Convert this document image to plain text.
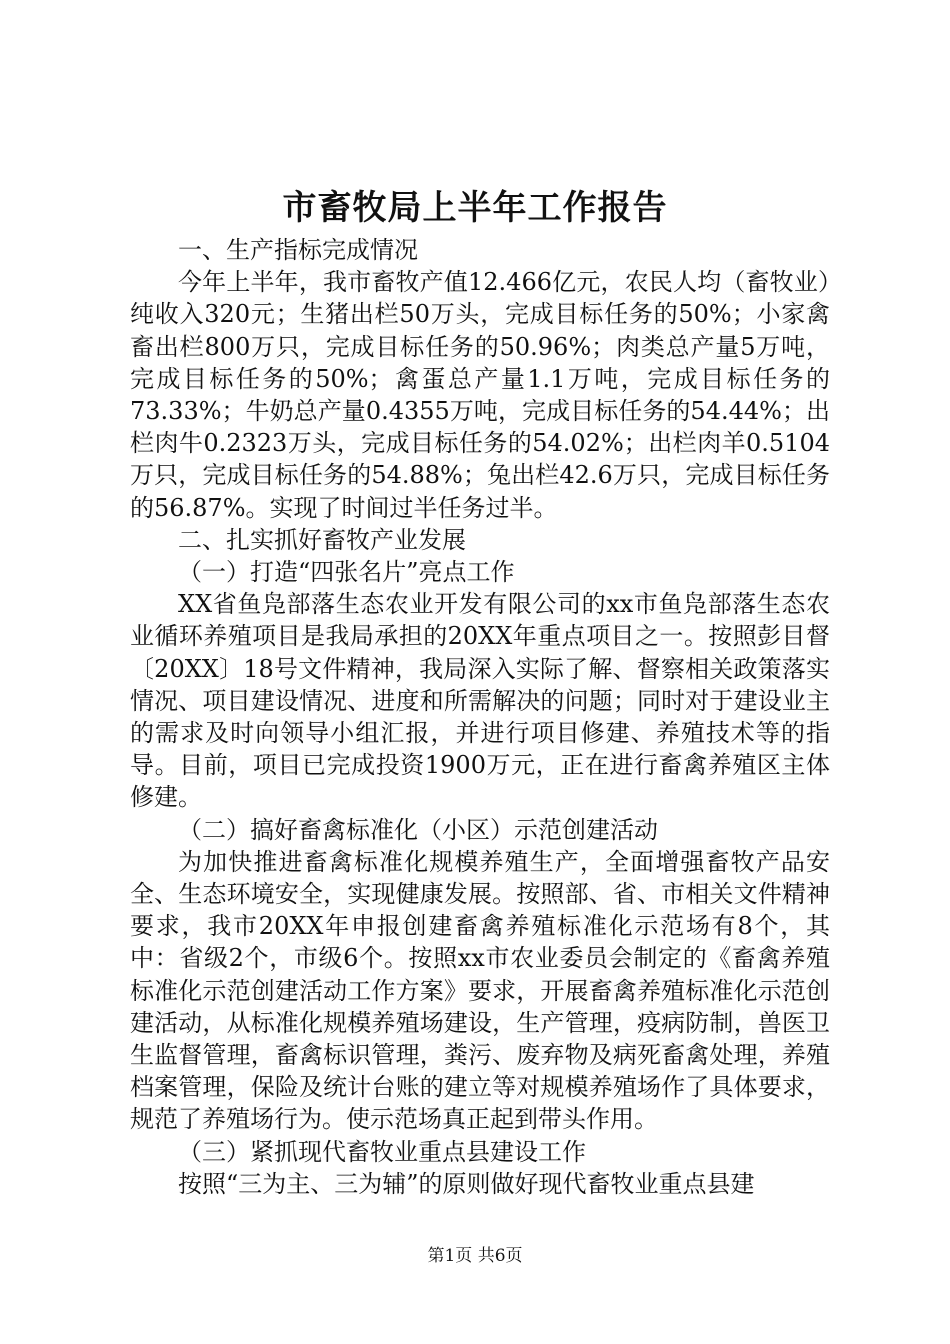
市畜牧局上半年工作报告

一、生产指标完成情况

今年上半年，我市畜牧产值12.466亿元，农民人均（畜牧业）纯收入320元；生猪出栏50万头，完成目标任务的50%；小家禽畜出栏800万只，完成目标任务的50.96%；肉类总产量5万吨，完成目标任务的50%；禽蛋总产量1.1万吨，完成目标任务的73.33%；牛奶总产量0.4355万吨，完成目标任务的54.44%；出栏肉牛0.2323万头，完成目标任务的54.02%；出栏肉羊0.5104万只，完成目标任务的54.88%；兔出栏42.6万只，完成目标任务的56.87%。实现了时间过半任务过半。

二、扎实抓好畜牧产业发展

（一）打造“四张名片”亮点工作

XX省鱼凫部落生态农业开发有限公司的xx市鱼凫部落生态农业循环养殖项目是我局承担的20XX年重点项目之一。按照彭目督〔20XX〕18号文件精神，我局深入实际了解、督察相关政策落实情况、项目建设情况、进度和所需解决的问题；同时对于建设业主的需求及时向领导小组汇报，并进行项目修建、养殖技术等的指导。目前，项目已完成投资1900万元，正在进行畜禽养殖区主体修建。

（二）搞好畜禽标准化（小区）示范创建活动

为加快推进畜禽标准化规模养殖生产，全面增强畜牧产品安全、生态环境安全，实现健康发展。按照部、省、市相关文件精神要求，我市20XX年申报创建畜禽养殖标准化示范场有8个，其中：省级2个，市级6个。按照xx市农业委员会制定的《畜禽养殖标准化示范创建活动工作方案》要求，开展畜禽养殖标准化示范创建活动，从标准化规模养殖场建设，生产管理，疫病防制，兽医卫生监督管理，畜禽标识管理，粪污、废弃物及病死畜禽处理，养殖档案管理，保险及统计台账的建立等对规模养殖场作了具体要求，规范了养殖场行为。使示范场真正起到带头作用。

（三）紧抓现代畜牧业重点县建设工作

按照“三为主、三为辅”的原则做好现代畜牧业重点县建

第1页 共6页
